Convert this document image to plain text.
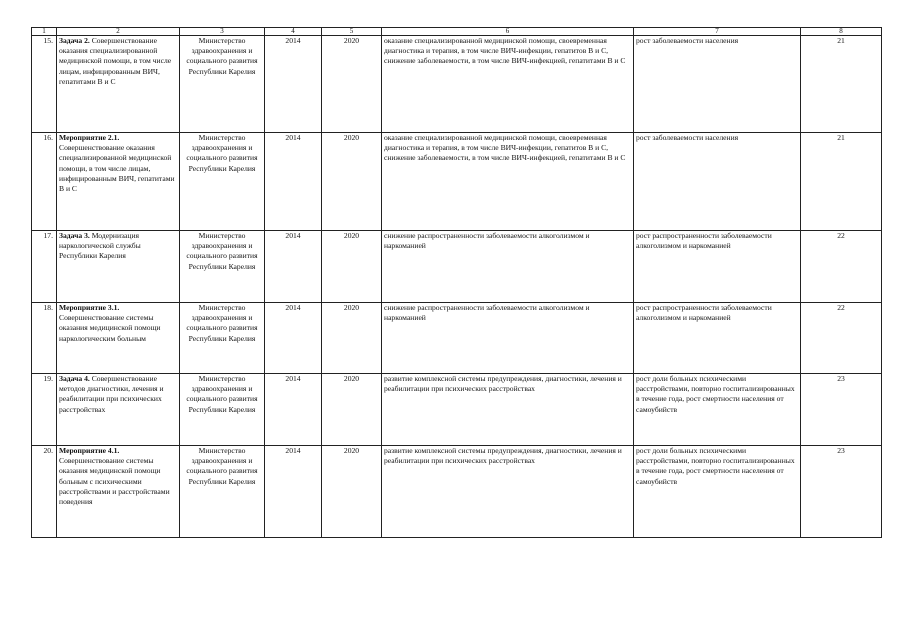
1	2	3	4	5	6	7	8
15.	Задача 2. Совершенствование оказания специализированной медицинской помощи, в том числе лицам, инфицированным ВИЧ, гепатитами В и С	Министерство здравоохранения и социального развития Республики Карелия	2014	2020	оказание специализированной медицинской помощи, своевременная диагностика и терапия, в том числе ВИЧ-инфекции, гепатитов В и С, снижение заболеваемости, в том числе ВИЧ-инфекцией, гепатитами В и С	рост заболеваемости населения	21
16.	Мероприятие 2.1. Совершенствование оказания специализированной медицинской помощи, в том числе лицам, инфицированным ВИЧ, гепатитами В и С	Министерство здравоохранения и социального развития Республики Карелия	2014	2020	оказание специализированной медицинской помощи, своевременная диагностика и терапия, в том числе ВИЧ-инфекции, гепатитов В и С, снижение заболеваемости, в том числе ВИЧ-инфекцией, гепатитами В и С	рост заболеваемости населения	21
17.	Задача 3. Модернизация наркологической службы Республики Карелия	Министерство здравоохранения и социального развития Республики Карелия	2014	2020	снижение распространенности заболеваемости алкоголизмом и наркоманией	рост распространенности заболеваемости алкоголизмом и наркоманией	22
18.	Мероприятие 3.1. Совершенствование системы оказания медицинской помощи наркологическим больным	Министерство здравоохранения и социального развития Республики Карелия	2014	2020	снижение распространенности заболеваемости алкоголизмом и наркоманией	рост распространенности заболеваемости алкоголизмом и наркоманией	22
19.	Задача 4. Совершенствование методов диагностики, лечения и реабилитации при психических расстройствах	Министерство здравоохранения и социального развития Республики Карелия	2014	2020	развитие комплексной системы предупреждения, диагностики, лечения и реабилитации при психических расстройствах	рост доли больных психическими расстройствами, повторно госпитализированных в течение года, рост смертности населения от самоубийств	23
20.	Мероприятие 4.1. Совершенствование системы оказания медицинской помощи больным с психическими расстройствами и расстройствами поведения	Министерство здравоохранения и социального развития Республики Карелия	2014	2020	развитие комплексной системы предупреждения, диагностики, лечения и реабилитации при психических расстройствах	рост доли больных психическими расстройствами, повторно госпитализированных в течение года, рост смертности населения от самоубийств	23
